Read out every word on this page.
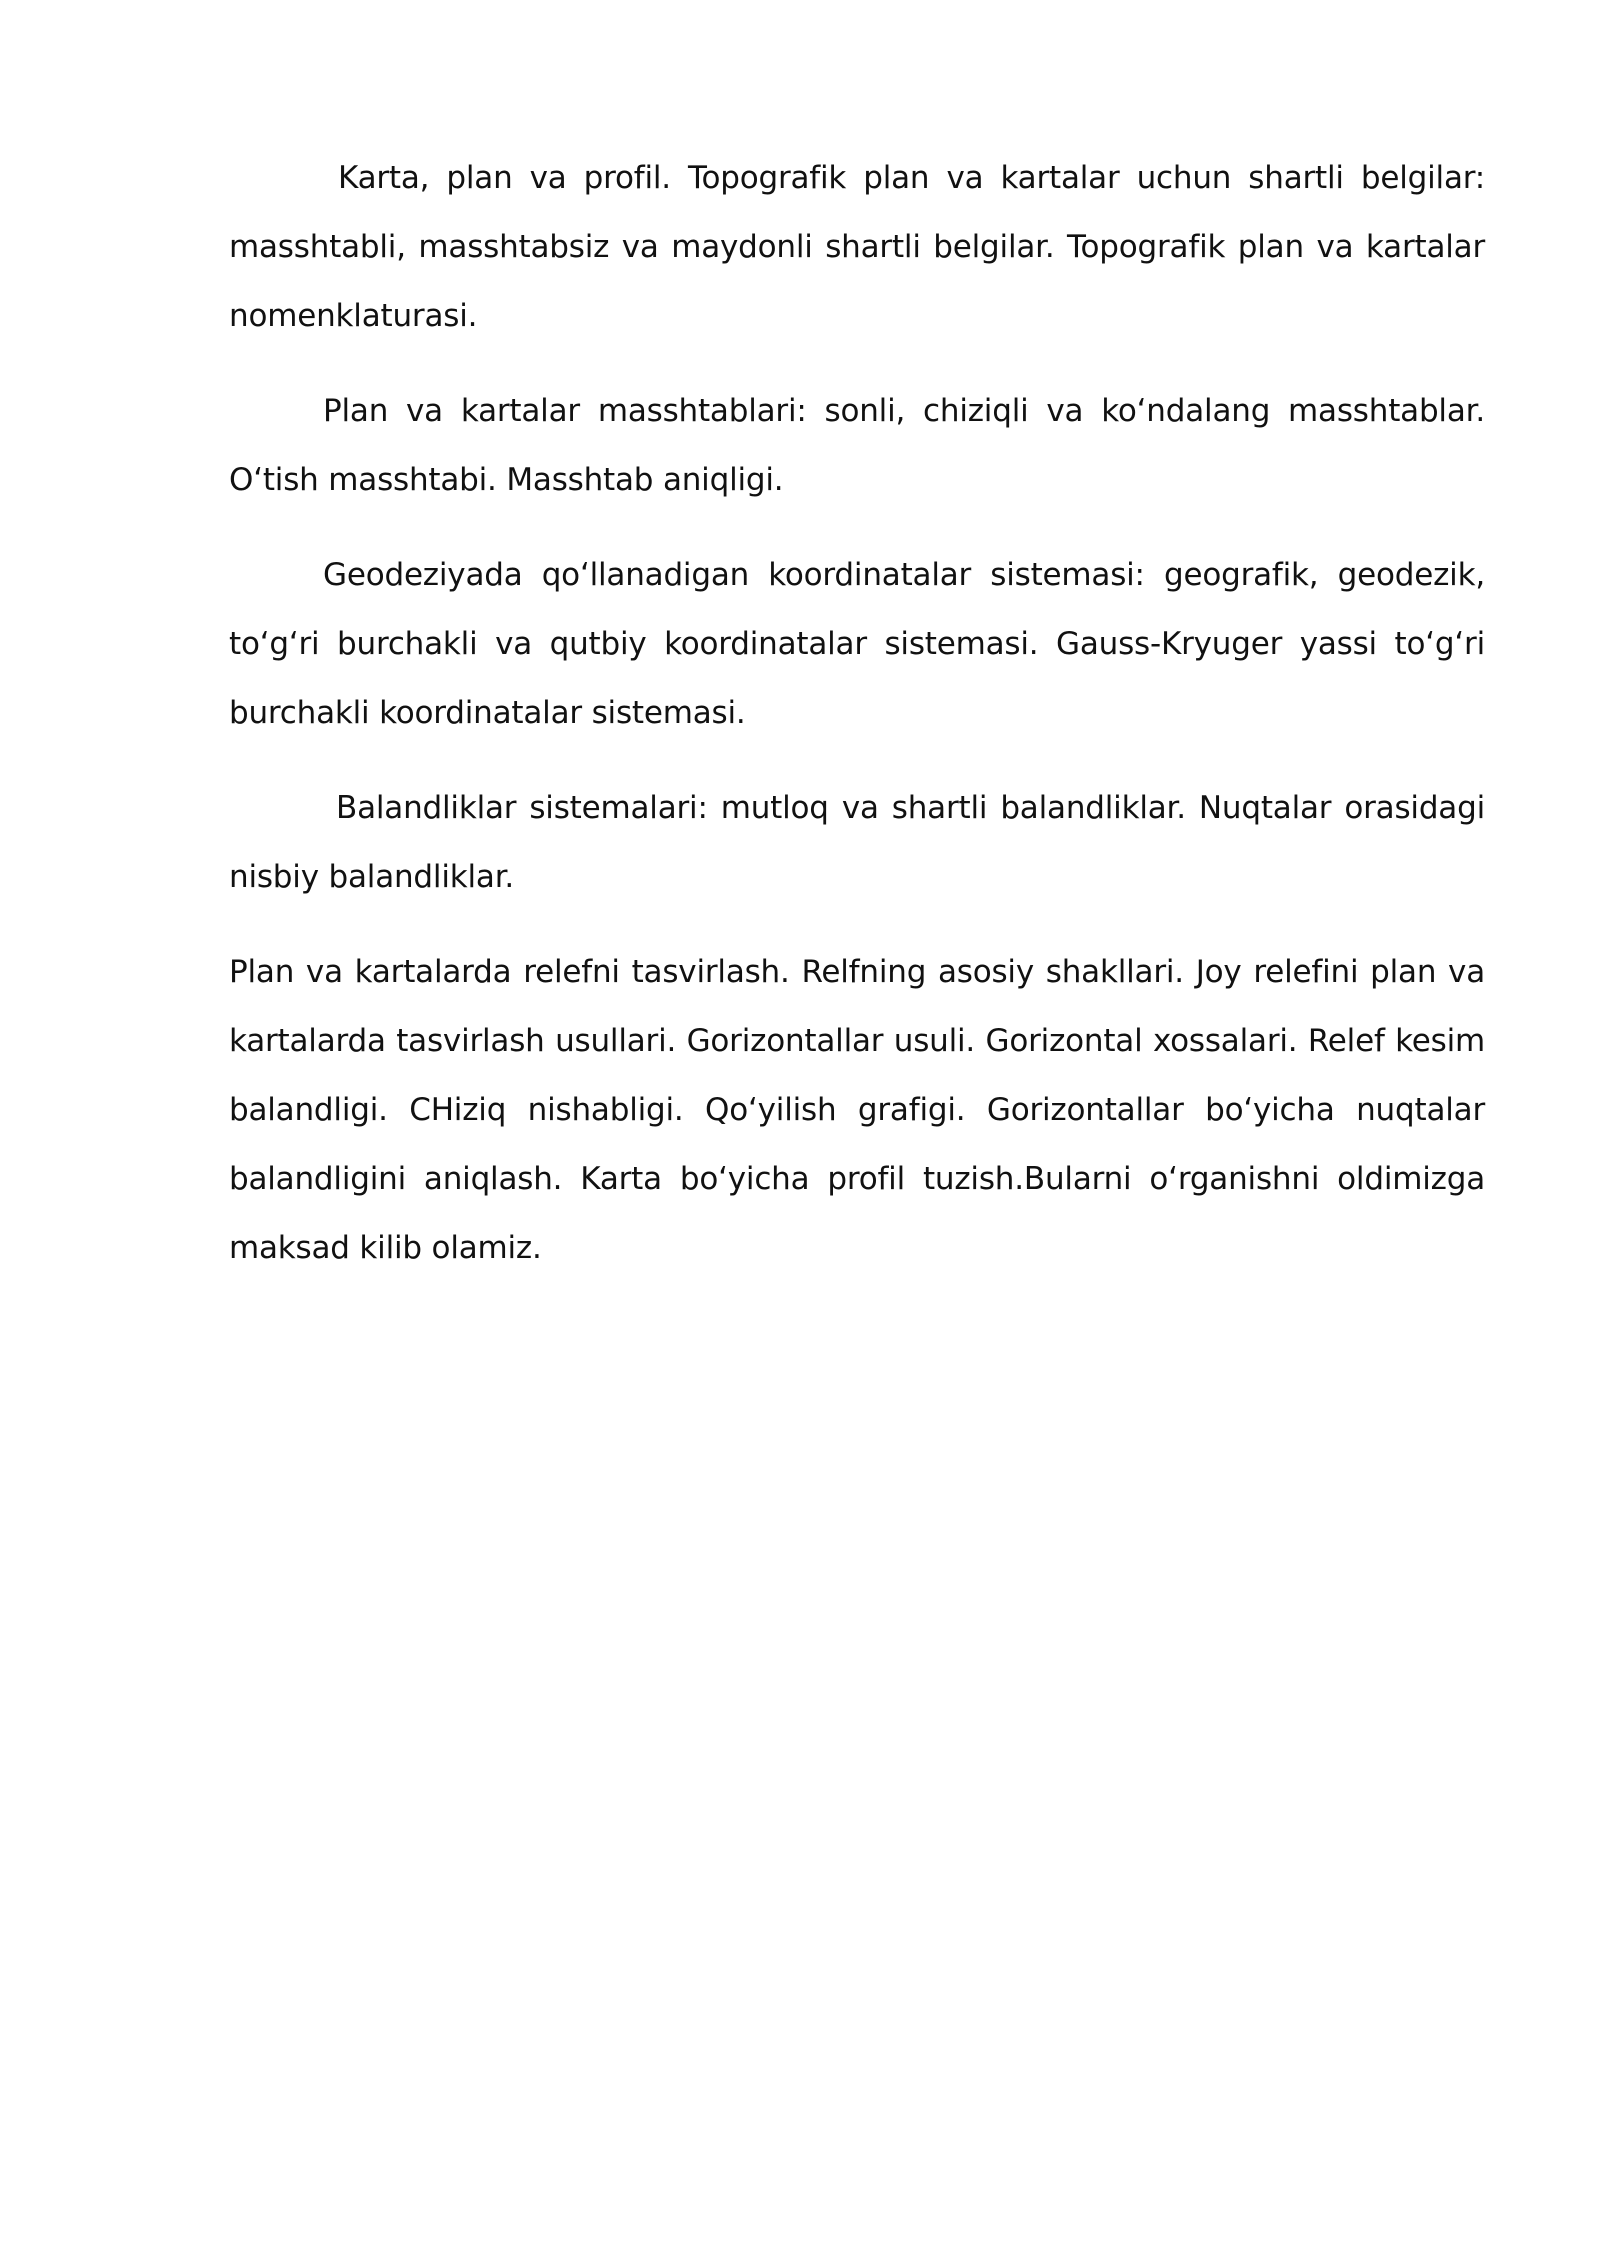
Karta, plan va profil. Topografik plan va kartalar uchun shartli belgilar: masshtabli, masshtabsiz va maydonli shartli belgilar. Topografik plan va kartalar nomenklaturasi.

Plan va kartalar masshtablari: sonli, chiziqli va koʻndalang masshtablar. Oʻtish masshtabi. Masshtab aniqligi.

Geodeziyada qoʻllanadigan koordinatalar sistemasi: geografik, geodezik, toʻgʻri burchakli va qutbiy koordinatalar sistemasi. Gauss-Kryuger yassi toʻgʻri burchakli koordinatalar sistemasi.

Balandliklar sistemalari: mutloq va shartli balandliklar. Nuqtalar orasidagi nisbiy balandliklar.

Plan va kartalarda relefni tasvirlash. Relfning asosiy shakllari. Joy relefini plan va kartalarda tasvirlash usullari. Gorizontallar usuli. Gorizontal xossalari. Relef kesim balandligi. CHiziq nishabligi. Qoʻyilish grafigi. Gorizontallar boʻyicha nuqtalar balandligini aniqlash. Karta boʻyicha profil tuzish.Bularni oʻrganishni oldimizga maksad kilib olamiz.
